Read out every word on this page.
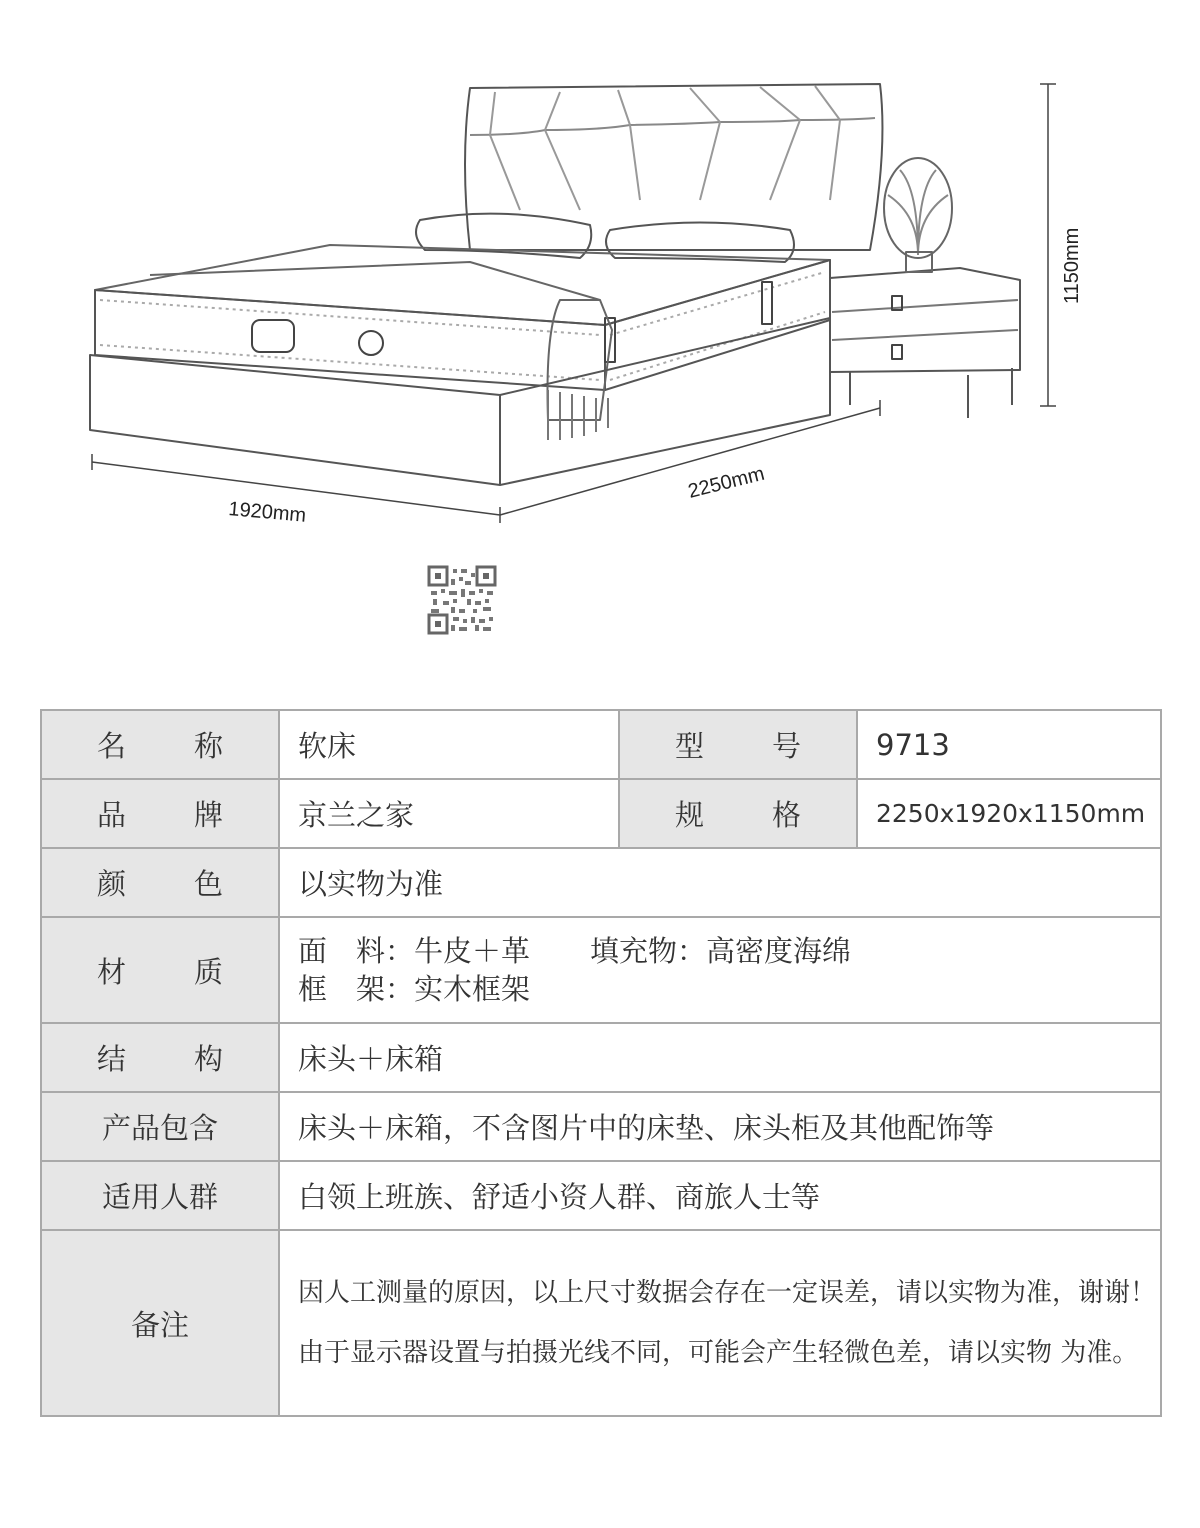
1920mm
2250mm
1150mm
名　称	软床	型　号	9713
品　牌	京兰之家	规　格	2250x1920x1150mm
颜　色	以实物为准		
材　质	面　料：牛皮＋革 填充物：高密度海绵
框　架：实木框架		

结　构	床头＋床箱		
产品包含	床头＋床箱，不含图片中的床垫、床头柜及其他配饰等		
适用人群	白领上班族、舒适小资人群、商旅人士等		
备注	因人工测量的原因，以上尺寸数据会存在一定误差，请以实物为准，谢谢！
由于显示器设置与拍摄光线不同，可能会产生轻微色差，请以实物 为准。		
